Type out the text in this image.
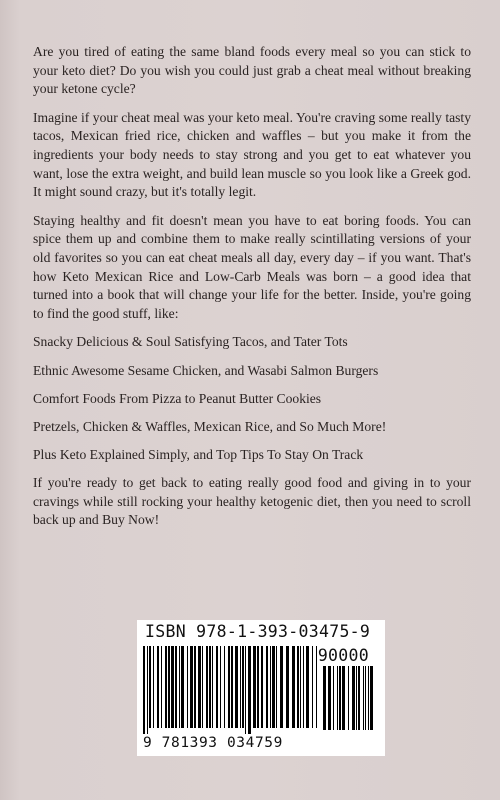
Are you tired of eating the same bland foods every meal so you can stick to your keto diet? Do you wish you could just grab a cheat meal without breaking your ketone cycle?

Imagine if your cheat meal was your keto meal. You're craving some really tasty tacos, Mexican fried rice, chicken and waffles – but you make it from the ingredients your body needs to stay strong and you get to eat whatever you want, lose the extra weight, and build lean muscle so you look like a Greek god. It might sound crazy, but it's totally legit.

Staying healthy and fit doesn't mean you have to eat boring foods. You can spice them up and combine them to make really scintillating versions of your old favorites so you can eat cheat meals all day, every day – if you want. That's how Keto Mexican Rice and Low-Carb Meals was born – a good idea that turned into a book that will change your life for the better. Inside, you're going to find the good stuff, like:

Snacky Delicious & Soul Satisfying Tacos, and Tater Tots

Ethnic Awesome Sesame Chicken, and Wasabi Salmon Burgers

Comfort Foods From Pizza to Peanut Butter Cookies

Pretzels, Chicken & Waffles, Mexican Rice, and So Much More!

Plus Keto Explained Simply, and Top Tips To Stay On Track

If you're ready to get back to eating really good food and giving in to your cravings while still rocking your healthy ketogenic diet, then you need to scroll back up and Buy Now!

ISBN 978-1-393-03475-9
90000
9 781393 034759
